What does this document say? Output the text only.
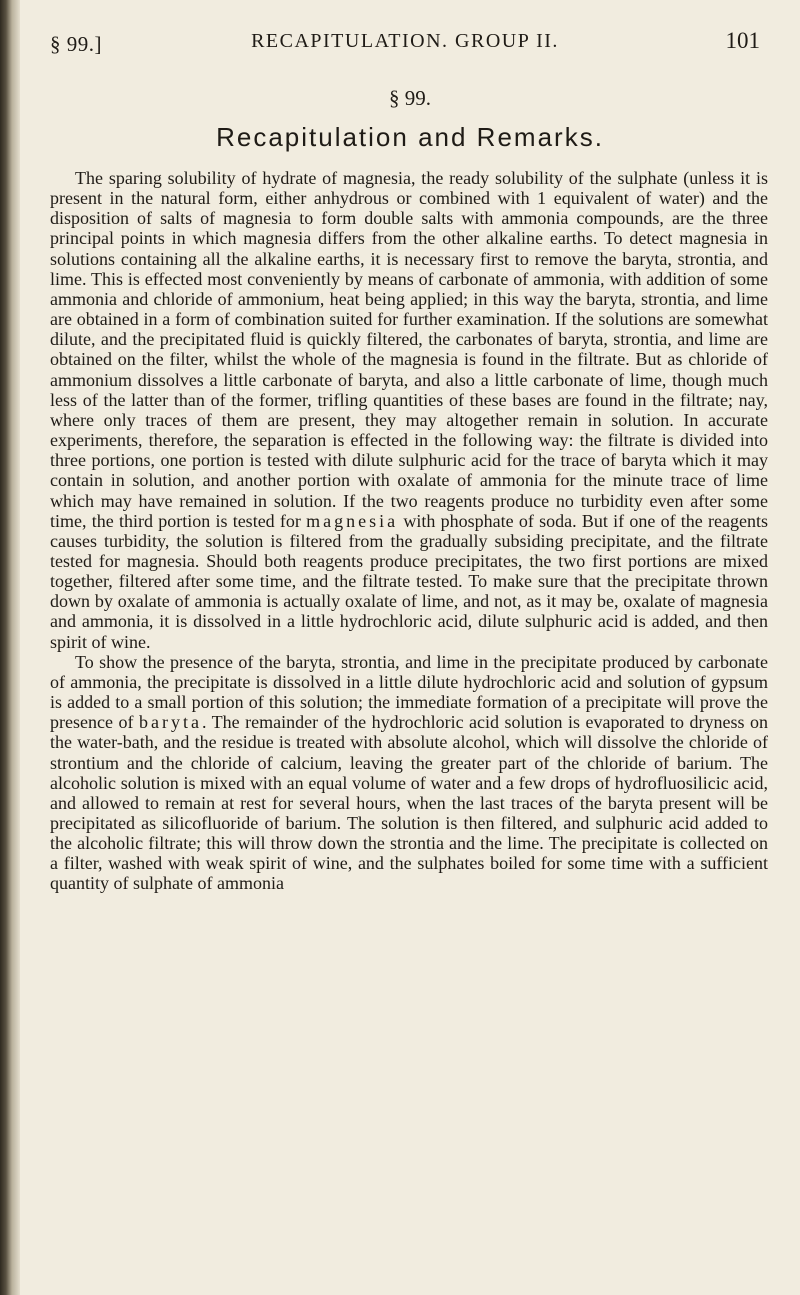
§ 99.]	RECAPITULATION. GROUP II.	101
§ 99.
Recapitulation and Remarks.

The sparing solubility of hydrate of magnesia, the ready solubility of the sulphate (unless it is present in the natural form, either anhydrous or combined with 1 equivalent of water) and the disposition of salts of magnesia to form double salts with ammonia compounds, are the three principal points in which magnesia differs from the other alkaline earths. To detect magnesia in solutions containing all the alkaline earths, it is necessary first to remove the baryta, strontia, and lime. This is effected most conveniently by means of carbonate of ammonia, with addition of some ammonia and chloride of ammonium, heat being applied; in this way the baryta, strontia, and lime are obtained in a form of combination suited for further examination. If the solutions are somewhat dilute, and the precipitated fluid is quickly filtered, the carbonates of baryta, strontia, and lime are obtained on the filter, whilst the whole of the magnesia is found in the filtrate. But as chloride of ammonium dissolves a little carbonate of baryta, and also a little carbonate of lime, though much less of the latter than of the former, trifling quantities of these bases are found in the filtrate; nay, where only traces of them are present, they may altogether remain in solution. In accurate experiments, therefore, the separation is effected in the following way: the filtrate is divided into three portions, one portion is tested with dilute sulphuric acid for the trace of baryta which it may contain in solution, and another portion with oxalate of ammonia for the minute trace of lime which may have remained in solution. If the two reagents produce no turbidity even after some time, the third portion is tested for magnesia with phosphate of soda. But if one of the reagents causes turbidity, the solution is filtered from the gradually subsiding precipitate, and the filtrate tested for magnesia. Should both reagents produce precipitates, the two first portions are mixed together, filtered after some time, and the filtrate tested. To make sure that the precipitate thrown down by oxalate of ammonia is actually oxalate of lime, and not, as it may be, oxalate of magnesia and ammonia, it is dissolved in a little hydrochloric acid, dilute sulphuric acid is added, and then spirit of wine.

To show the presence of the baryta, strontia, and lime in the precipitate produced by carbonate of ammonia, the precipitate is dissolved in a little dilute hydrochloric acid and solution of gypsum is added to a small portion of this solution; the immediate formation of a precipitate will prove the presence of baryta. The remainder of the hydrochloric acid solution is evaporated to dryness on the water-bath, and the residue is treated with absolute alcohol, which will dissolve the chloride of strontium and the chloride of calcium, leaving the greater part of the chloride of barium. The alcoholic solution is mixed with an equal volume of water and a few drops of hydrofluosilicic acid, and allowed to remain at rest for several hours, when the last traces of the baryta present will be precipitated as silicofluoride of barium. The solution is then filtered, and sulphuric acid added to the alcoholic filtrate; this will throw down the strontia and the lime. The precipitate is collected on a filter, washed with weak spirit of wine, and the sulphates boiled for some time with a sufficient quantity of sulphate of ammonia
